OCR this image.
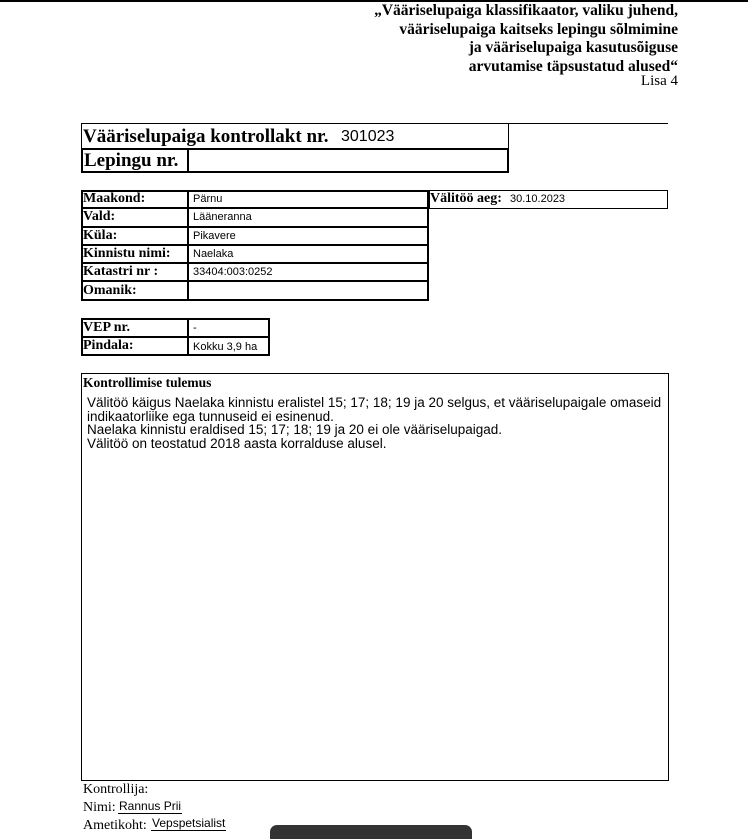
„Vääriselupaiga klassifikaator, valiku juhend,
vääriselupaiga kaitseks lepingu sõlmimine
ja vääriselupaiga kasutusõiguse
arvutamise täpsustatud alused“
Lisa 4
Vääriselupaiga kontrollakt nr. 301023
Lepingu nr.
Maakond:	Pärnu
Vald:	Lääneranna
Küla:	Pikavere
Kinnistu nimi: Naelaka
Katastri nr :	33404:003:0252
Omanik:
Välitöö aeg: 30.10.2023
VEP nr.	-
Pindala:	Kokku 3,9 ha
Kontrollimise tulemus
Välitöö käigus Naelaka kinnistu eralistel 15; 17; 18; 19 ja 20 selgus, et vääriselupaigale omaseid
indikaatorliike ega tunnuseid ei esinenud.
Naelaka kinnistu eraldised 15; 17; 18; 19 ja 20 ei ole vääriselupaigad.
Välitöö on teostatud 2018 aasta korralduse alusel.
Kontrollija:
Nimi: Rannus Prii
Ametikoht: Vepspetsialist
